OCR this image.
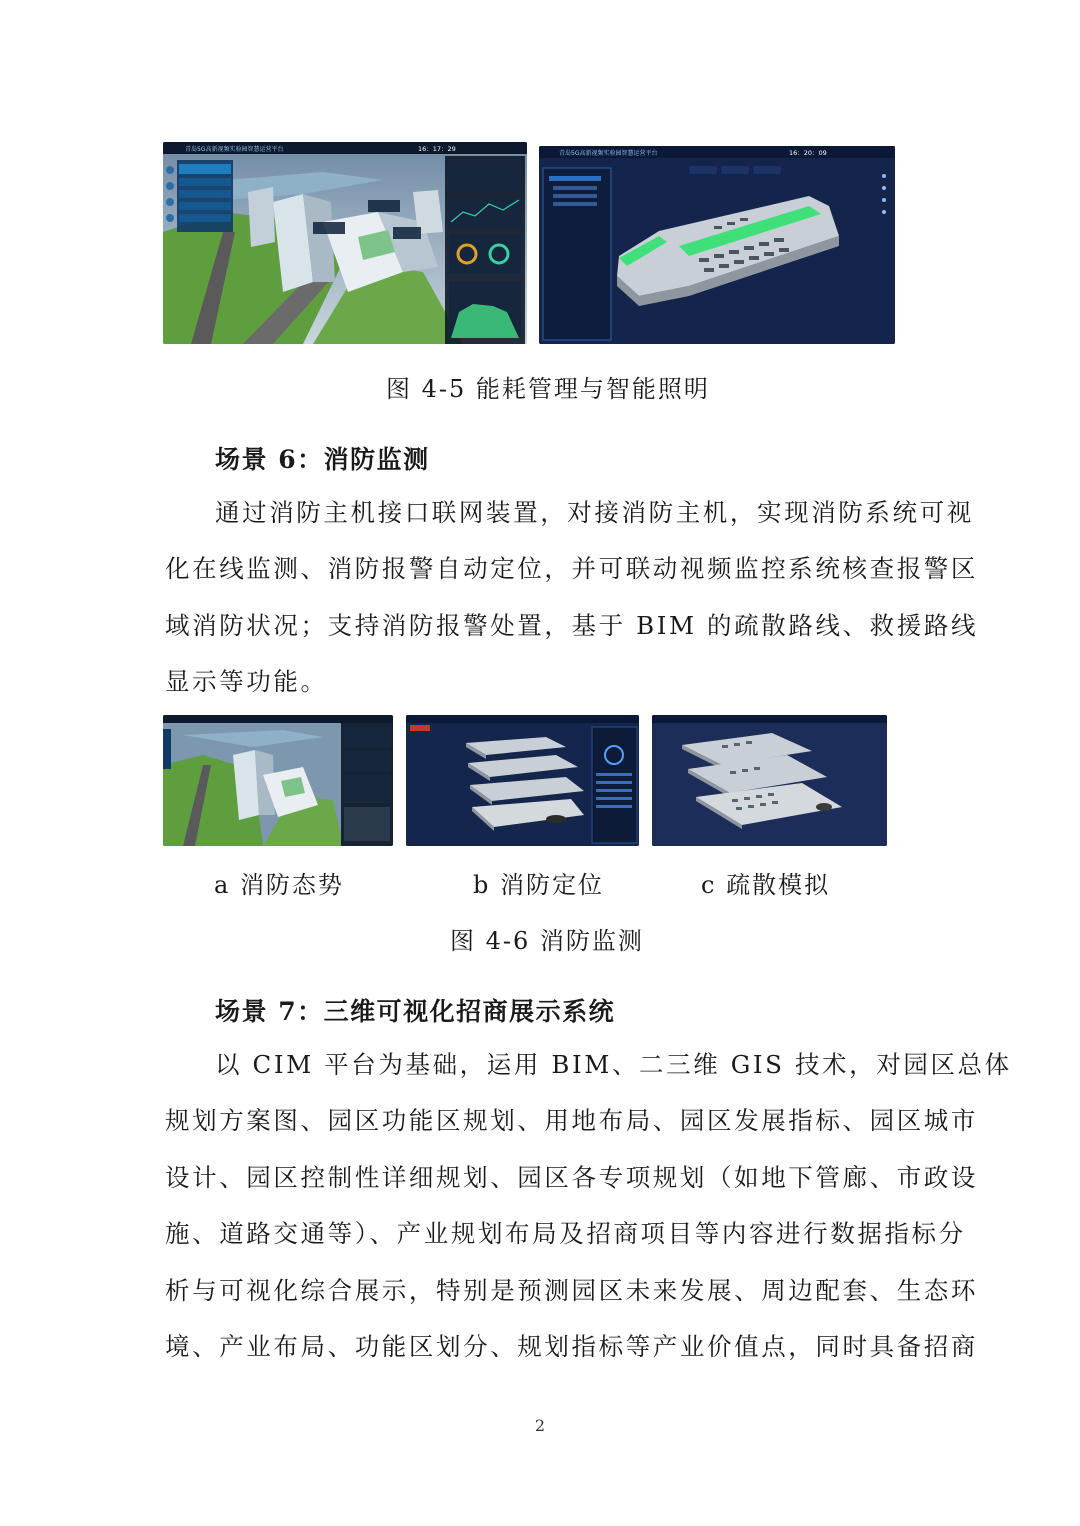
青岛5G高新视频实验园智慧运营平台	16：17：29
青岛5G高新视频实验园智慧运营平台	16：20：09
图 4-5 能耗管理与智能照明
场景 6：消防监测
通过消防主机接口联网装置，对接消防主机，实现消防系统可视
化在线监测、消防报警自动定位，并可联动视频监控系统核查报警区
域消防状况；支持消防报警处置，基于 BIM 的疏散路线、救援路线
显示等功能。
a 消防态势	b 消防定位	c 疏散模拟
图 4-6 消防监测
场景 7：三维可视化招商展示系统
以 CIM 平台为基础，运用 BIM、二三维 GIS 技术，对园区总体
规划方案图、园区功能区规划、用地布局、园区发展指标、园区城市
设计、园区控制性详细规划、园区各专项规划（如地下管廊、市政设
施、道路交通等）、产业规划布局及招商项目等内容进行数据指标分
析与可视化综合展示，特别是预测园区未来发展、周边配套、生态环
境、产业布局、功能区划分、规划指标等产业价值点，同时具备招商
2
